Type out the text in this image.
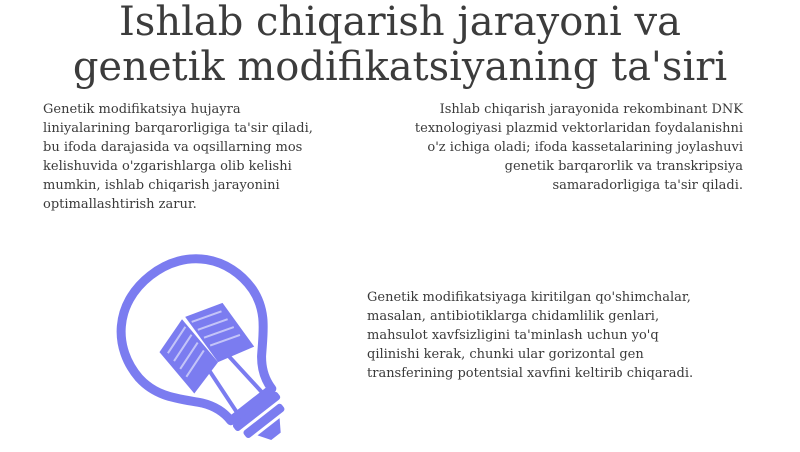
Ishlab chiqarish jarayoni va
genetik modifikatsiyaning ta'siri

Genetik modifikatsiya hujayra
liniyalarining barqarorligiga ta'sir qiladi,
bu ifoda darajasida va oqsillarning mos
kelishuvida o'zgarishlarga olib kelishi
mumkin, ishlab chiqarish jarayonini
optimallashtirish zarur.

Ishlab chiqarish jarayonida rekombinant DNK
texnologiyasi plazmid vektorlaridan foydalanishni
o'z ichiga oladi; ifoda kassetalarining joylashuvi
genetik barqarorlik va transkripsiya
samaradorligiga ta'sir qiladi.

Genetik modifikatsiyaga kiritilgan qo'shimchalar,
masalan, antibiotiklarga chidamlilik genlari,
mahsulot xavfsizligini ta'minlash uchun yo'q
qilinishi kerak, chunki ular gorizontal gen
transferining potentsial xavfini keltirib chiqaradi.
